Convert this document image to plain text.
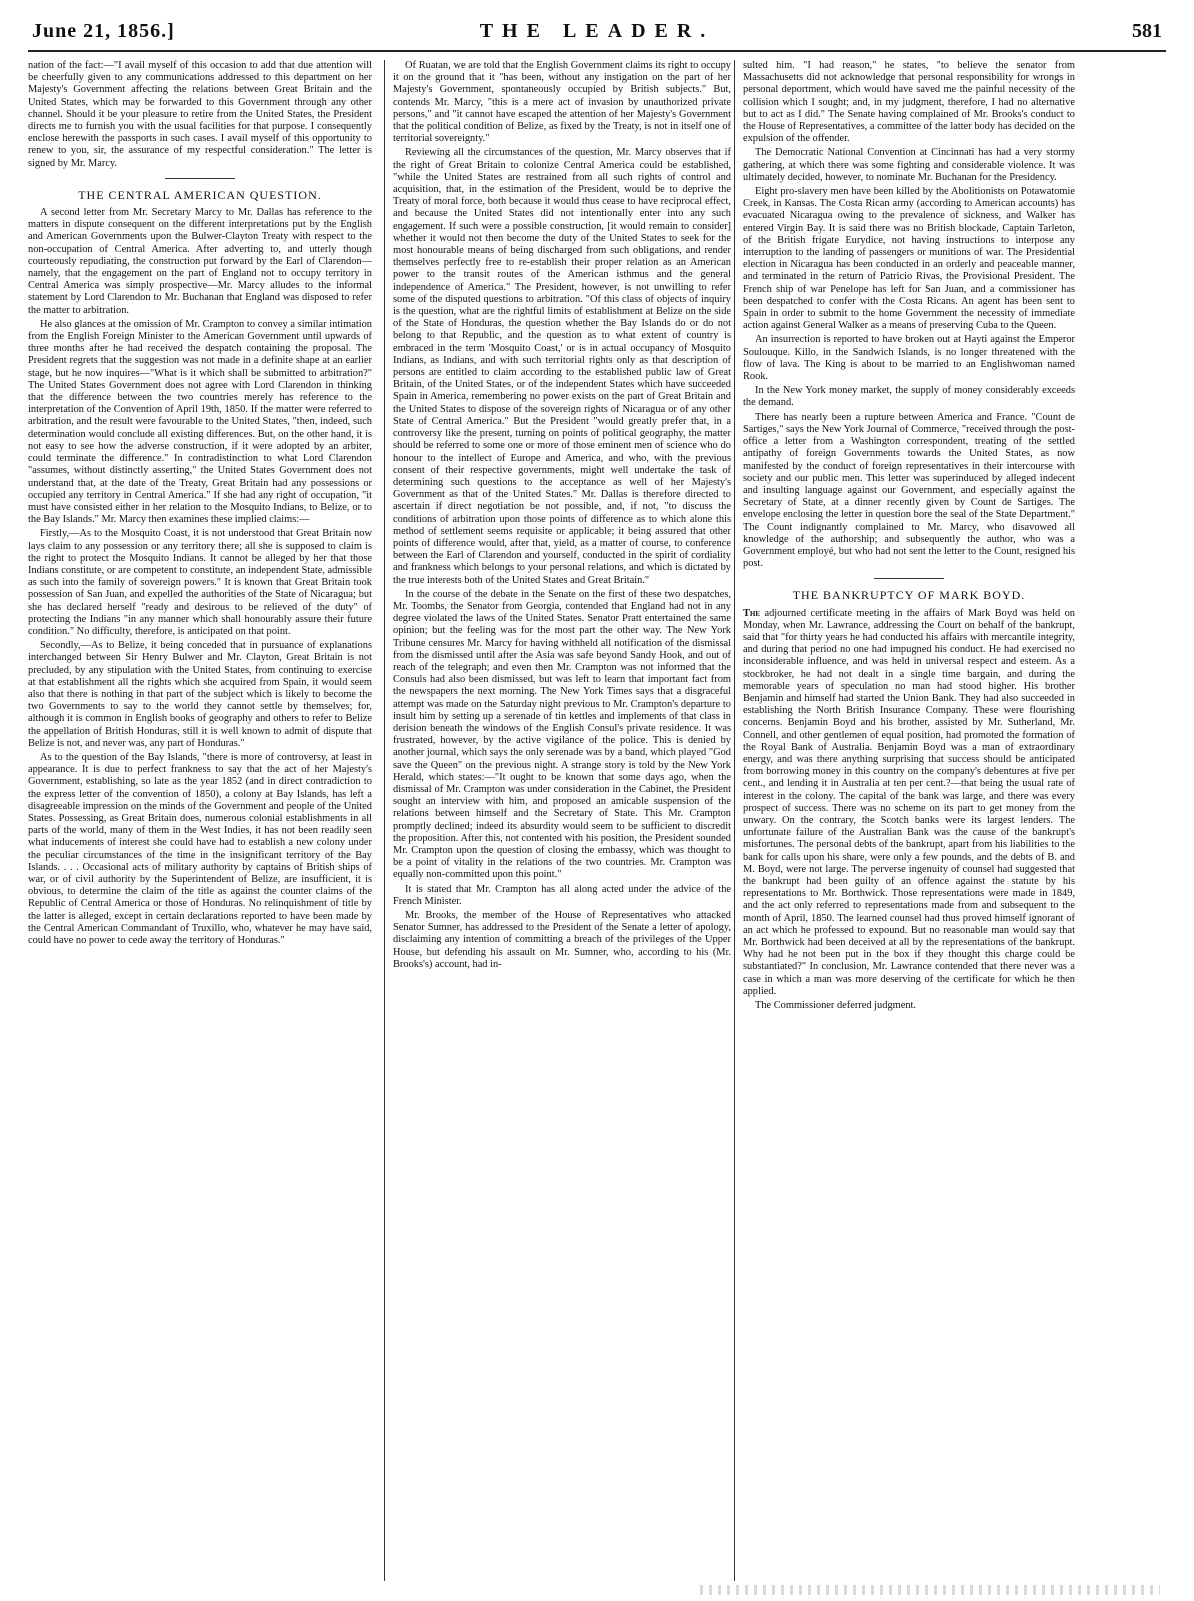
June 21, 1856.]	THE LEADER.	581

nation of the fact:—"I avail myself of this occasion to add that due attention will be cheerfully given to any communications addressed to this department on her Majesty's Government affecting the relations between Great Britain and the United States, which may be forwarded to this Government through any other channel. Should it be your pleasure to retire from the United States, the President directs me to furnish you with the usual facilities for that purpose. I consequently enclose herewith the passports in such cases. I avail myself of this opportunity to renew to you, sir, the assurance of my respectful consideration." The letter is signed by Mr. Marcy.

THE CENTRAL AMERICAN QUESTION.

A second letter from Mr. Secretary Marcy to Mr. Dallas has reference to the matters in dispute consequent on the different interpretations put by the English and American Governments upon the Bulwer-Clayton Treaty with respect to the non-occupation of Central America. After adverting to, and utterly though courteously repudiating, the construction put forward by the Earl of Clarendon—namely, that the engagement on the part of England not to occupy territory in Central America was simply prospective—Mr. Marcy alludes to the informal statement by Lord Clarendon to Mr. Buchanan that England was disposed to refer the matter to arbitration.

He also glances at the omission of Mr. Crampton to convey a similar intimation from the English Foreign Minister to the American Government until upwards of three months after he had received the despatch containing the proposal. The President regrets that the suggestion was not made in a definite shape at an earlier stage, but he now inquires—"What is it which shall be submitted to arbitration?" The United States Government does not agree with Lord Clarendon in thinking that the difference between the two countries merely has reference to the interpretation of the Convention of April 19th, 1850. If the matter were referred to arbitration, and the result were favourable to the United States, "then, indeed, such determination would conclude all existing differences. But, on the other hand, it is not easy to see how the adverse construction, if it were adopted by an arbiter, could terminate the difference." In contradistinction to what Lord Clarendon "assumes, without distinctly asserting," the United States Government does not understand that, at the date of the Treaty, Great Britain had any possessions or occupied any territory in Central America." If she had any right of occupation, "it must have consisted either in her relation to the Mosquito Indians, to Belize, or to the Bay Islands." Mr. Marcy then examines these implied claims:—

Firstly,—As to the Mosquito Coast, it is not understood that Great Britain now lays claim to any possession or any territory there; all she is supposed to claim is the right to protect the Mosquito Indians. It cannot be alleged by her that those Indians constitute, or are competent to constitute, an independent State, admissible as such into the family of sovereign powers." It is known that Great Britain took possession of San Juan, and expelled the authorities of the State of Nicaragua; but she has declared herself "ready and desirous to be relieved of the duty" of protecting the Indians "in any manner which shall honourably assure their future condition." No difficulty, therefore, is anticipated on that point.

Secondly,—As to Belize, it being conceded that in pursuance of explanations interchanged between Sir Henry Bulwer and Mr. Clayton, Great Britain is not precluded, by any stipulation with the United States, from continuing to exercise at that establishment all the rights which she acquired from Spain, it would seem also that there is nothing in that part of the subject which is likely to become the two Governments to say to the world they cannot settle by themselves; for, although it is common in English books of geography and others to refer to Belize the appellation of British Honduras, still it is well known to admit of dispute that Belize is not, and never was, any part of Honduras."

As to the question of the Bay Islands, "there is more of controversy, at least in appearance. It is due to perfect frankness to say that the act of her Majesty's Government, establishing, so late as the year 1852 (and in direct contradiction to the express letter of the convention of 1850), a colony at Bay Islands, has left a disagreeable impression on the minds of the Government and people of the United States. Possessing, as Great Britain does, numerous colonial establishments in all parts of the world, many of them in the West Indies, it has not been readily seen what inducements of interest she could have had to establish a new colony under the peculiar circumstances of the time in the insignificant territory of the Bay Islands. . . . Occasional acts of military authority by captains of British ships of war, or of civil authority by the Superintendent of Belize, are insufficient, it is obvious, to determine the claim of the title as against the counter claims of the Republic of Central America or those of Honduras. No relinquishment of title by the latter is alleged, except in certain declarations reported to have been made by the Central American Commandant of Truxillo, who, whatever he may have said, could have no power to cede away the territory of Honduras."

Of Ruatan, we are told that the English Government claims its right to occupy it on the ground that it "has been, without any instigation on the part of her Majesty's Government, spontaneously occupied by British subjects." But, contends Mr. Marcy, "this is a mere act of invasion by unauthorized private persons," and "it cannot have escaped the attention of her Majesty's Government that the political condition of Belize, as fixed by the Treaty, is not in itself one of territorial sovereignty."

Reviewing all the circumstances of the question, Mr. Marcy observes that if the right of Great Britain to colonize Central America could be established, "while the United States are restrained from all such rights of control and acquisition, that, in the estimation of the President, would be to deprive the Treaty of moral force, both because it would thus cease to have reciprocal effect, and because the United States did not intentionally enter into any such engagement. If such were a possible construction, [it would remain to consider] whether it would not then become the duty of the United States to seek for the most honourable means of being discharged from such obligations, and render themselves perfectly free to re-establish their proper relation as an American power to the transit routes of the American isthmus and the general independence of America." The President, however, is not unwilling to refer some of the disputed questions to arbitration. "Of this class of objects of inquiry is the question, what are the rightful limits of establishment at Belize on the side of the State of Honduras, the question whether the Bay Islands do or do not belong to that Republic, and the question as to what extent of country is embraced in the term 'Mosquito Coast,' or is in actual occupancy of Mosquito Indians, as Indians, and with such territorial rights only as that description of persons are entitled to claim according to the established public law of Great Britain, of the United States, or of the independent States which have succeeded Spain in America, remembering no power exists on the part of Great Britain and the United States to dispose of the sovereign rights of Nicaragua or of any other State of Central America." But the President "would greatly prefer that, in a controversy like the present, turning on points of political geography, the matter should be referred to some one or more of those eminent men of science who do honour to the intellect of Europe and America, and who, with the previous consent of their respective governments, might well undertake the task of determining such questions to the acceptance as well of her Majesty's Government as that of the United States." Mr. Dallas is therefore directed to ascertain if direct negotiation be not possible, and, if not, "to discuss the conditions of arbitration upon those points of difference as to which alone this method of settlement seems requisite or applicable; it being assured that other points of difference would, after that, yield, as a matter of course, to conference between the Earl of Clarendon and yourself, conducted in the spirit of cordiality and frankness which belongs to your personal relations, and which is dictated by the true interests both of the United States and Great Britain."

In the course of the debate in the Senate on the first of these two despatches, Mr. Toombs, the Senator from Georgia, contended that England had not in any degree violated the laws of the United States. Senator Pratt entertained the same opinion; but the feeling was for the most part the other way. The New York Tribune censures Mr. Marcy for having withheld all notification of the dismissal from the dismissed until after the Asia was safe beyond Sandy Hook, and out of reach of the telegraph; and even then Mr. Crampton was not informed that the Consuls had also been dismissed, but was left to learn that important fact from the newspapers the next morning. The New York Times says that a disgraceful attempt was made on the Saturday night previous to Mr. Crampton's departure to insult him by setting up a serenade of tin kettles and implements of that class in derision beneath the windows of the English Consul's private residence. It was frustrated, however, by the active vigilance of the police. This is denied by another journal, which says the only serenade was by a band, which played "God save the Queen" on the previous night. A strange story is told by the New York Herald, which states:—"It ought to be known that some days ago, when the dismissal of Mr. Crampton was under consideration in the Cabinet, the President sought an interview with him, and proposed an amicable suspension of the relations between himself and the Secretary of State. This Mr. Crampton promptly declined; indeed its absurdity would seem to be sufficient to discredit the proposition. After this, not contented with his position, the President sounded Mr. Crampton upon the question of closing the embassy, which was thought to be a point of vitality in the relations of the two countries. Mr. Crampton was equally non-committed upon this point."

It is stated that Mr. Crampton has all along acted under the advice of the French Minister.

Mr. Brooks, the member of the House of Representatives who attacked Senator Sumner, has addressed to the President of the Senate a letter of apology, disclaiming any intention of committing a breach of the privileges of the Upper House, but defending his assault on Mr. Sumner, who, according to his (Mr. Brooks's) account, had in-

sulted him. "I had reason," he states, "to believe the senator from Massachusetts did not acknowledge that personal responsibility for wrongs in personal deportment, which would have saved me the painful necessity of the collision which I sought; and, in my judgment, therefore, I had no alternative but to act as I did." The Senate having complained of Mr. Brooks's conduct to the House of Representatives, a committee of the latter body has decided on the expulsion of the offender.

The Democratic National Convention at Cincinnati has had a very stormy gathering, at which there was some fighting and considerable violence. It was ultimately decided, however, to nominate Mr. Buchanan for the Presidency.

Eight pro-slavery men have been killed by the Abolitionists on Potawatomie Creek, in Kansas. The Costa Rican army (according to American accounts) has evacuated Nicaragua owing to the prevalence of sickness, and Walker has entered Virgin Bay. It is said there was no British blockade, Captain Tarleton, of the British frigate Eurydice, not having instructions to interpose any interruption to the landing of passengers or munitions of war. The Presidential election in Nicaragua has been conducted in an orderly and peaceable manner, and terminated in the return of Patricio Rivas, the Provisional President. The French ship of war Penelope has left for San Juan, and a commissioner has been despatched to confer with the Costa Ricans. An agent has been sent to Spain in order to submit to the home Government the necessity of immediate action against General Walker as a means of preserving Cuba to the Queen.

An insurrection is reported to have broken out at Hayti against the Emperor Soulouque. Killo, in the Sandwich Islands, is no longer threatened with the flow of lava. The King is about to be married to an Englishwoman named Rook.

In the New York money market, the supply of money considerably exceeds the demand.

There has nearly been a rupture between America and France. "Count de Sartiges," says the New York Journal of Commerce, "received through the post-office a letter from a Washington correspondent, treating of the settled antipathy of foreign Governments towards the United States, as now manifested by the conduct of foreign representatives in their intercourse with society and our public men. This letter was superinduced by alleged indecent and insulting language against our Government, and especially against the Secretary of State, at a dinner recently given by Count de Sartiges. The envelope enclosing the letter in question bore the seal of the State Department." The Count indignantly complained to Mr. Marcy, who disavowed all knowledge of the authorship; and subsequently the author, who was a Government employé, but who had not sent the letter to the Count, resigned his post.

THE BANKRUPTCY OF MARK BOYD.

The adjourned certificate meeting in the affairs of Mark Boyd was held on Monday, when Mr. Lawrance, addressing the Court on behalf of the bankrupt, said that "for thirty years he had conducted his affairs with mercantile integrity, and during that period no one had impugned his conduct. He had exercised no inconsiderable influence, and was held in universal respect and esteem. As a stockbroker, he had not dealt in a single time bargain, and during the memorable years of speculation no man had stood higher. His brother Benjamin and himself had started the Union Bank. They had also succeeded in establishing the North British Insurance Company. These were flourishing concerns. Benjamin Boyd and his brother, assisted by Mr. Sutherland, Mr. Connell, and other gentlemen of equal position, had promoted the formation of the Royal Bank of Australia. Benjamin Boyd was a man of extraordinary energy, and was there anything surprising that success should be anticipated from borrowing money in this country on the company's debentures at five per cent., and lending it in Australia at ten per cent.?—that being the usual rate of interest in the colony. The capital of the bank was large, and there was every prospect of success. There was no scheme on its part to get money from the unwary. On the contrary, the Scotch banks were its largest lenders. The unfortunate failure of the Australian Bank was the cause of the bankrupt's misfortunes. The personal debts of the bankrupt, apart from his liabilities to the bank for calls upon his share, were only a few pounds, and the debts of B. and M. Boyd, were not large. The perverse ingenuity of counsel had suggested that the bankrupt had been guilty of an offence against the statute by his representations to Mr. Borthwick. Those representations were made in 1849, and the act only referred to representations made from and subsequent to the month of April, 1850. The learned counsel had thus proved himself ignorant of an act which he professed to expound. But no reasonable man would say that Mr. Borthwick had been deceived at all by the representations of the bankrupt. Why had he not been put in the box if they thought this charge could be substantiated?" In conclusion, Mr. Lawrance contended that there never was a case in which a man was more deserving of the certificate for which he then applied.

The Commissioner deferred judgment.
